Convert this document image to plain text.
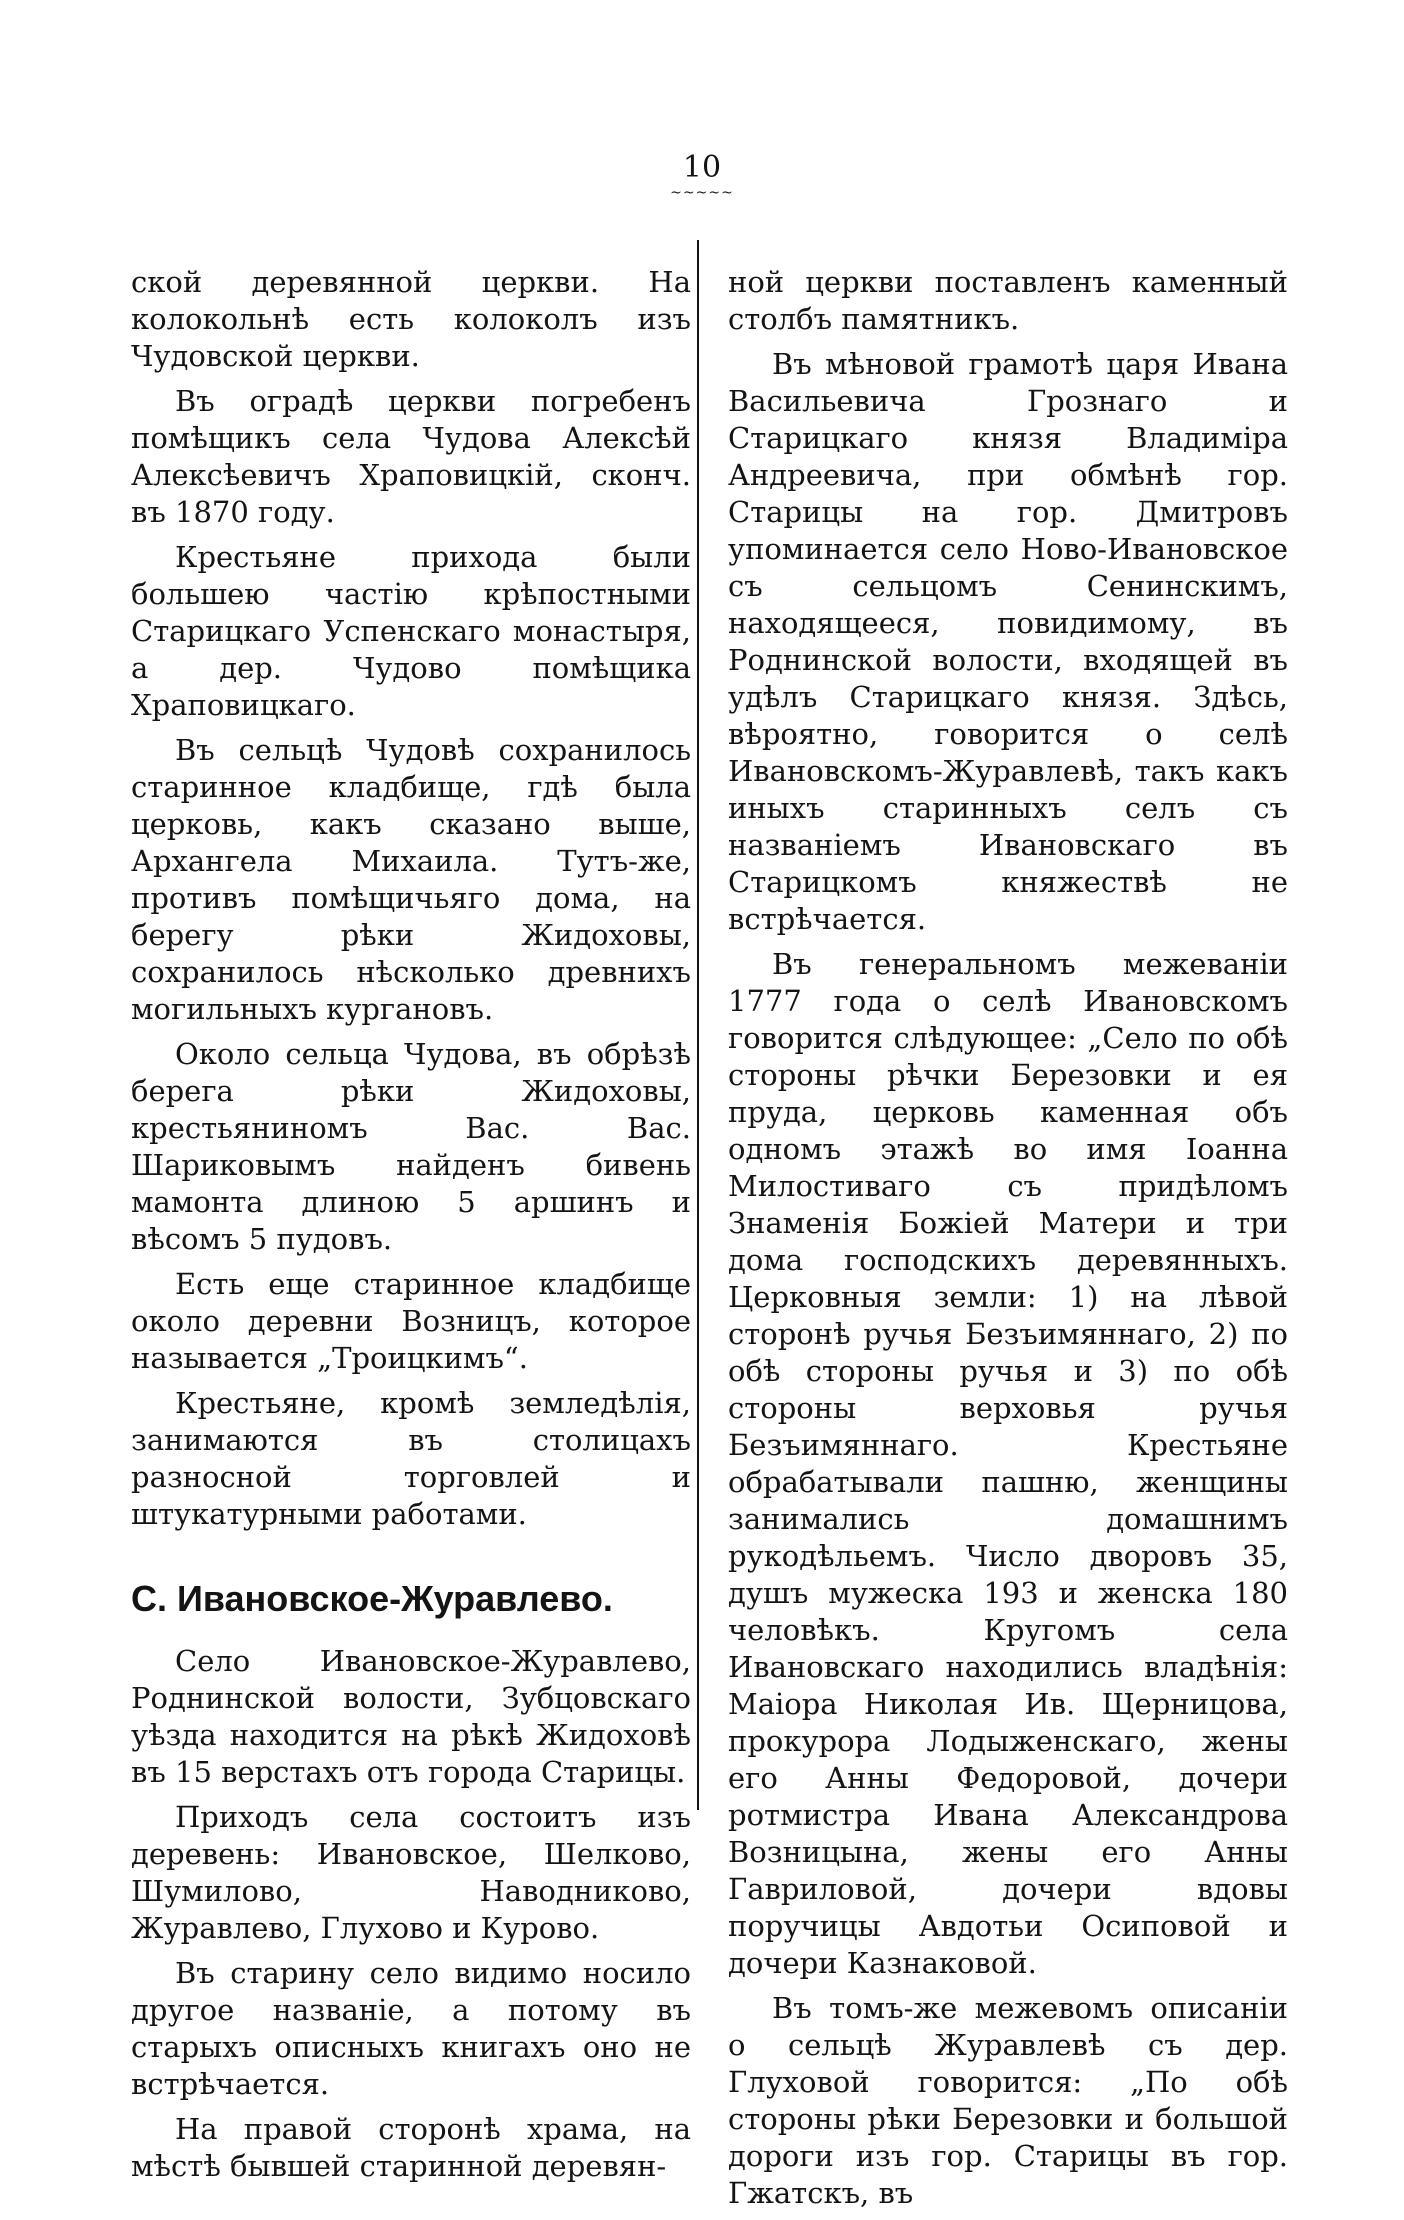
10
~~~~~

ской деревянной церкви. На колокольнѣ есть колоколъ изъ Чудовской церкви.

Въ оградѣ церкви погребенъ помѣщикъ села Чудова Алексѣй Алексѣевичъ Храповицкій, сконч. въ 1870 году.

Крестьяне прихода были большею частію крѣпостными Старицкаго Успенскаго монастыря, а дер. Чудово помѣщика Храповицкаго.

Въ сельцѣ Чудовѣ сохранилось старинное кладбище, гдѣ была церковь, какъ сказано выше, Архангела Михаила. Тутъ-же, противъ помѣщичьяго дома, на берегу рѣки Жидоховы, сохранилось нѣсколько древнихъ могильныхъ кургановъ.

Около сельца Чудова, въ обрѣзѣ берега рѣки Жидоховы, крестьяниномъ Вас. Вас. Шариковымъ найденъ бивень мамонта длиною 5 аршинъ и вѣсомъ 5 пудовъ.

Есть еще старинное кладбище около деревни Возницъ, которое называется „Троицкимъ“.

Крестьяне, кромѣ земледѣлія, занимаются въ столицахъ разносной торговлей и штукатурными работами.

С. Ивановское-Журавлево.

Село Ивановское-Журавлево, Роднинской волости, Зубцовскаго уѣзда находится на рѣкѣ Жидоховѣ въ 15 верстахъ отъ города Старицы.

Приходъ села состоитъ изъ деревень: Ивановское, Шелково, Шумилово, Наводниково, Журавлево, Глухово и Курово.

Въ старину село видимо носило другое названіе, а потому въ старыхъ описныхъ книгахъ оно не встрѣчается.

На правой сторонѣ храма, на мѣстѣ бывшей старинной деревян-

ной церкви поставленъ каменный столбъ памятникъ.

Въ мѣновой грамотѣ царя Ивана Васильевича Грознаго и Старицкаго князя Владиміра Андреевича, при обмѣнѣ гор. Старицы на гор. Дмитровъ упоминается село Ново-Ивановское съ сельцомъ Сенинскимъ, находящееся, повидимому, въ Роднинской волости, входящей въ удѣлъ Старицкаго князя. Здѣсь, вѣроятно, говорится о селѣ Ивановскомъ-Журавлевѣ, такъ какъ иныхъ старинныхъ селъ съ названіемъ Ивановскаго въ Старицкомъ княжествѣ не встрѣчается.

Въ генеральномъ межеваніи 1777 года о селѣ Ивановскомъ говорится слѣдующее: „Село по обѣ стороны рѣчки Березовки и ея пруда, церковь каменная объ одномъ этажѣ во имя Іоанна Милостиваго съ придѣломъ Знаменія Божіей Матери и три дома господскихъ деревянныхъ. Церковныя земли: 1) на лѣвой сторонѣ ручья Безъимяннаго, 2) по обѣ стороны ручья и 3) по обѣ стороны верховья ручья Безъимяннаго. Крестьяне обрабатывали пашню, женщины занимались домашнимъ рукодѣльемъ. Число дворовъ 35, душъ мужеска 193 и женска 180 человѣкъ. Кругомъ села Ивановскаго находились владѣнія: Маіора Николая Ив. Щерницова, прокурора Лодыженскаго, жены его Анны Федоровой, дочери ротмистра Ивана Александрова Возницына, жены его Анны Гавриловой, дочери вдовы поручицы Авдотьи Осиповой и дочери Казнаковой.

Въ томъ-же межевомъ описаніи о сельцѣ Журавлевѣ съ дер. Глуховой говорится: „По обѣ стороны рѣки Березовки и большой дороги изъ гор. Старицы въ гор. Гжатскъ, въ
